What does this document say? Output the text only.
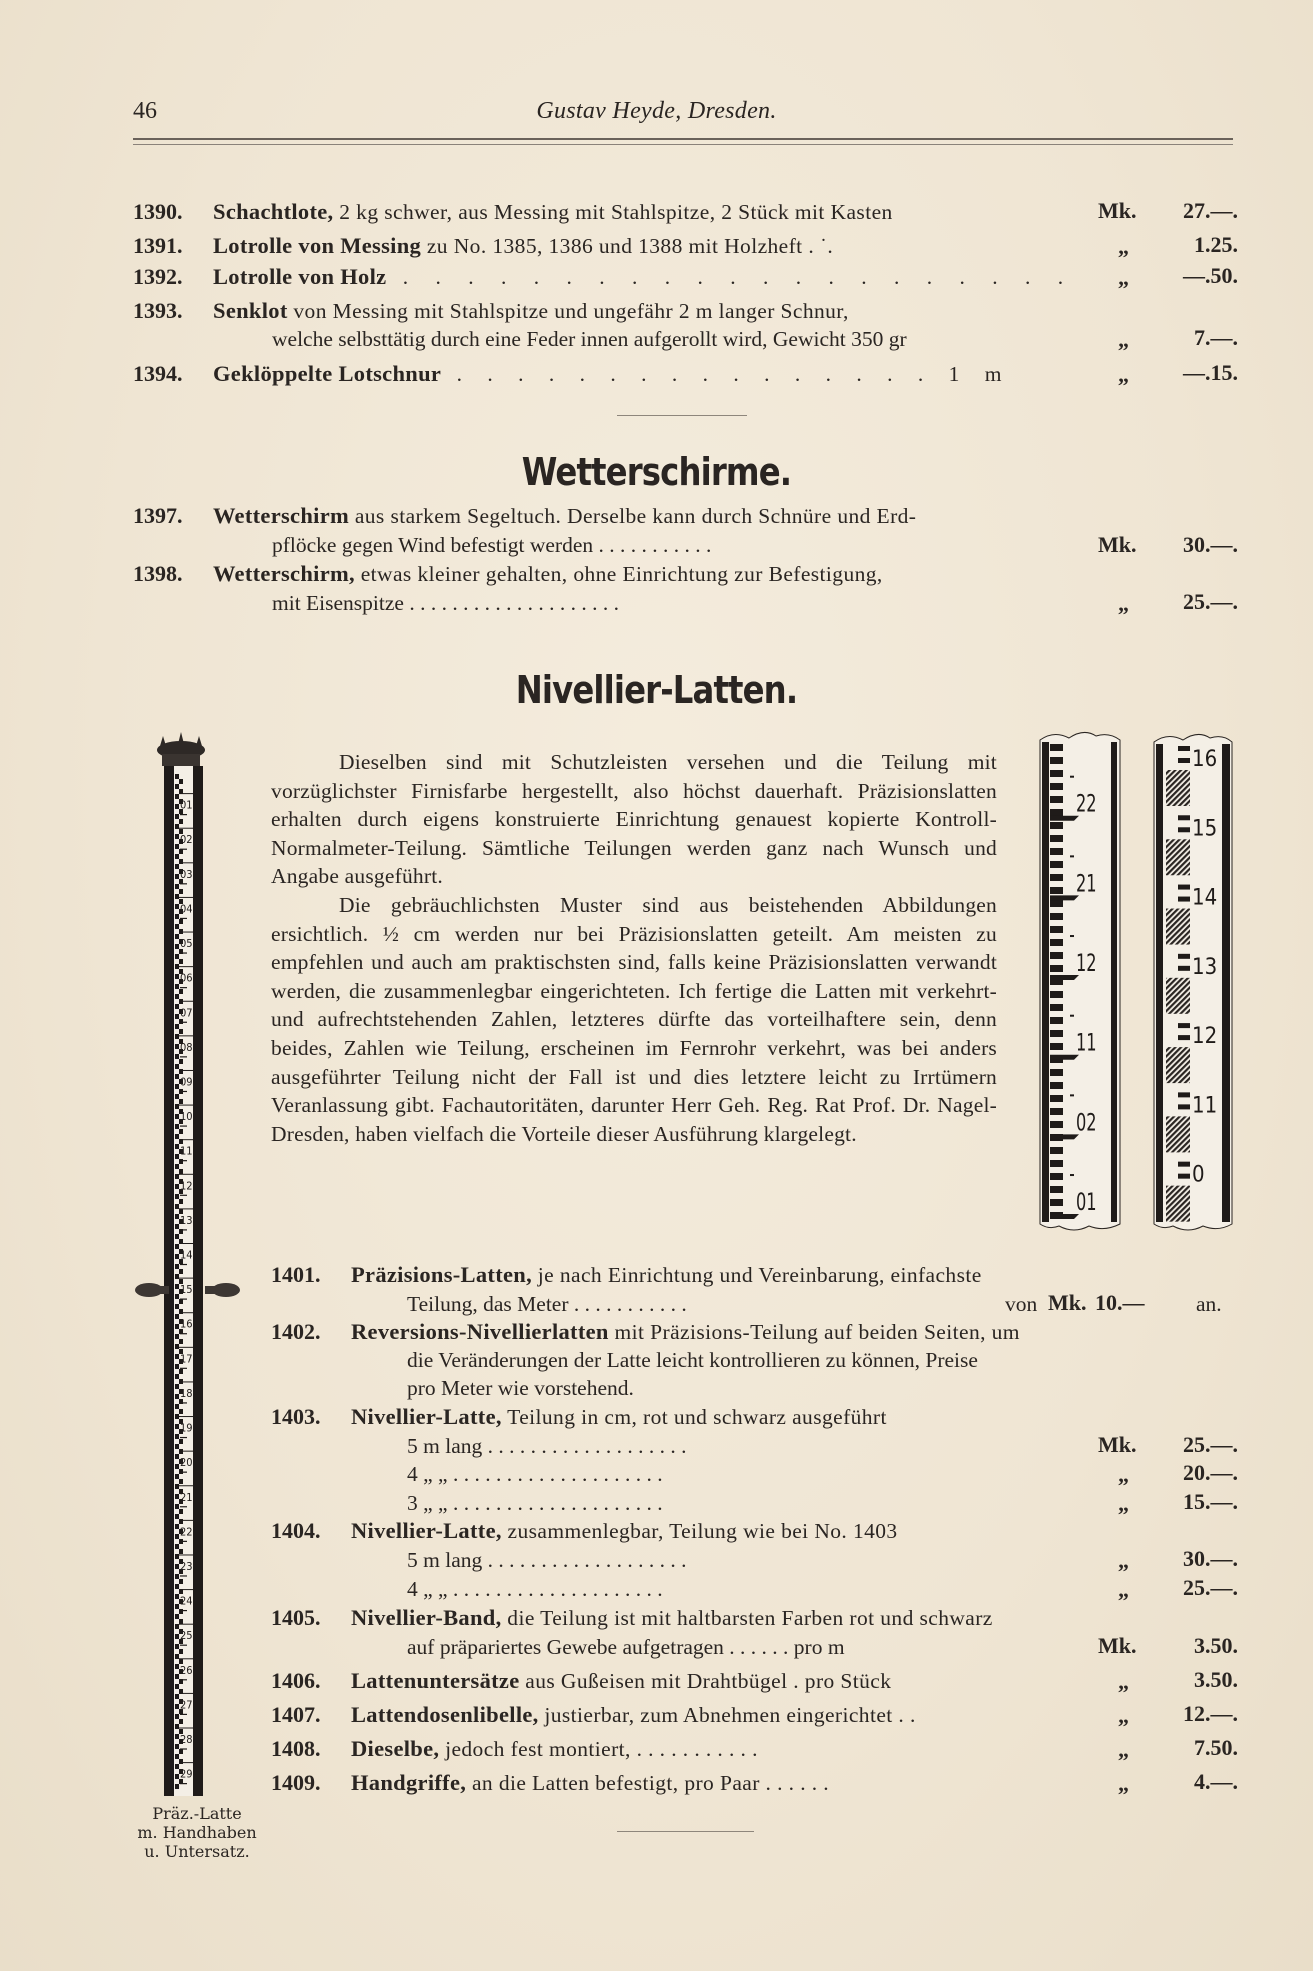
46	Gustav Heyde, Dresden.
1390. Schachtlote, 2 kg schwer, aus Messing mit Stahlspitze, 2 Stück mit Kasten	Mk.	27.—.
1391. Lotrolle von Messing zu No. 1385, 1386 und 1388 mit Holzheft . ˙.	„	1.25.
1392. Lotrolle von Holz . . . . . . . . . . . . . . . . . . . . . „	—.50.
1393. Senklot von Messing mit Stahlspitze und ungefähr 2 m langer Schnur,
welche selbsttätig durch eine Feder innen aufgerollt wird, Gewicht 350 gr	„	7.—.
1394. Geklöppelte Lotschnur . . . . . . . . . . . . . . . . 1 m	„	—.15.
Wetterschirme.
1397. Wetterschirm aus starkem Segeltuch. Derselbe kann durch Schnüre und Erd-
pflöcke gegen Wind befestigt werden . . . . . . . . . . .	Mk.	30.—.
1398. Wetterschirm, etwas kleiner gehalten, ohne Einrichtung zur Befestigung,
mit Eisenspitze . . . . . . . . . . . . . . . . . . . .	„	25.—.
Nivellier-Latten.

Dieselben sind mit Schutzleisten versehen und die Teilung mit vorzüglichster Firnisfarbe hergestellt, also höchst dauerhaft. Präzisionslatten erhalten durch eigens konstruierte Einrichtung genauest kopierte Kontroll-Normalmeter-Teilung. Sämtliche Teilungen werden ganz nach Wunsch und Angabe ausgeführt.

Die gebräuchlichsten Muster sind aus beistehenden Abbildungen ersichtlich. ½ cm werden nur bei Präzisionslatten geteilt. Am meisten zu empfehlen und auch am praktischsten sind, falls keine Präzisionslatten verwandt werden, die zusammenlegbar eingerichteten. Ich fertige die Latten mit verkehrt- und aufrechtstehenden Zahlen, letzteres dürfte das vorteilhaftere sein, denn beides, Zahlen wie Teilung, erscheinen im Fernrohr verkehrt, was bei anders ausgeführter Teilung nicht der Fall ist und dies letztere leicht zu Irrtümern Veranlassung gibt. Fachautoritäten, darunter Herr Geh. Reg. Rat Prof. Dr. Nagel-Dresden, haben vielfach die Vorteile dieser Ausführung klargelegt.

01
02
03
04
05
06
07
08
09
10
11
12
13
14
15
16
17
18
19
20
21
22
23
24
25
26
27
28
29
Präz.-Latte
m. Handhaben
u. Untersatz.
22
21
12
11
02
01
16
15
14
13
12
11
0
1401. Präzisions-Latten, je nach Einrichtung und Vereinbarung, einfachste
Teilung, das Meter . . . . . . . . . . .	von Mk. 10.— an.
1402. Reversions-Nivellierlatten mit Präzisions-Teilung auf beiden Seiten, um
die Veränderungen der Latte leicht kontrollieren zu können, Preise
pro Meter wie vorstehend.
1403. Nivellier-Latte, Teilung in cm, rot und schwarz ausgeführt
5 m lang . . . . . . . . . . . . . . . . . . .	Mk.	25.—.
4 „ „ . . . . . . . . . . . . . . . . . . . .	„	20.—.
3 „ „ . . . . . . . . . . . . . . . . . . . .	„	15.—.
1404. Nivellier-Latte, zusammenlegbar, Teilung wie bei No. 1403
5 m lang . . . . . . . . . . . . . . . . . . .	„	30.—.
4 „ „ . . . . . . . . . . . . . . . . . . . .	„	25.—.
1405. Nivellier-Band, die Teilung ist mit haltbarsten Farben rot und schwarz
auf präpariertes Gewebe aufgetragen . . . . . . pro m	Mk.	3.50.
1406. Lattenuntersätze aus Gußeisen mit Drahtbügel . pro Stück	„	3.50.
1407. Lattendosenlibelle, justierbar, zum Abnehmen eingerichtet . .	„	12.—.
1408. Dieselbe, jedoch fest montiert, . . . . . . . . . . .	„	7.50.
1409. Handgriffe, an die Latten befestigt, pro Paar . . . . . .	„	4.—.
